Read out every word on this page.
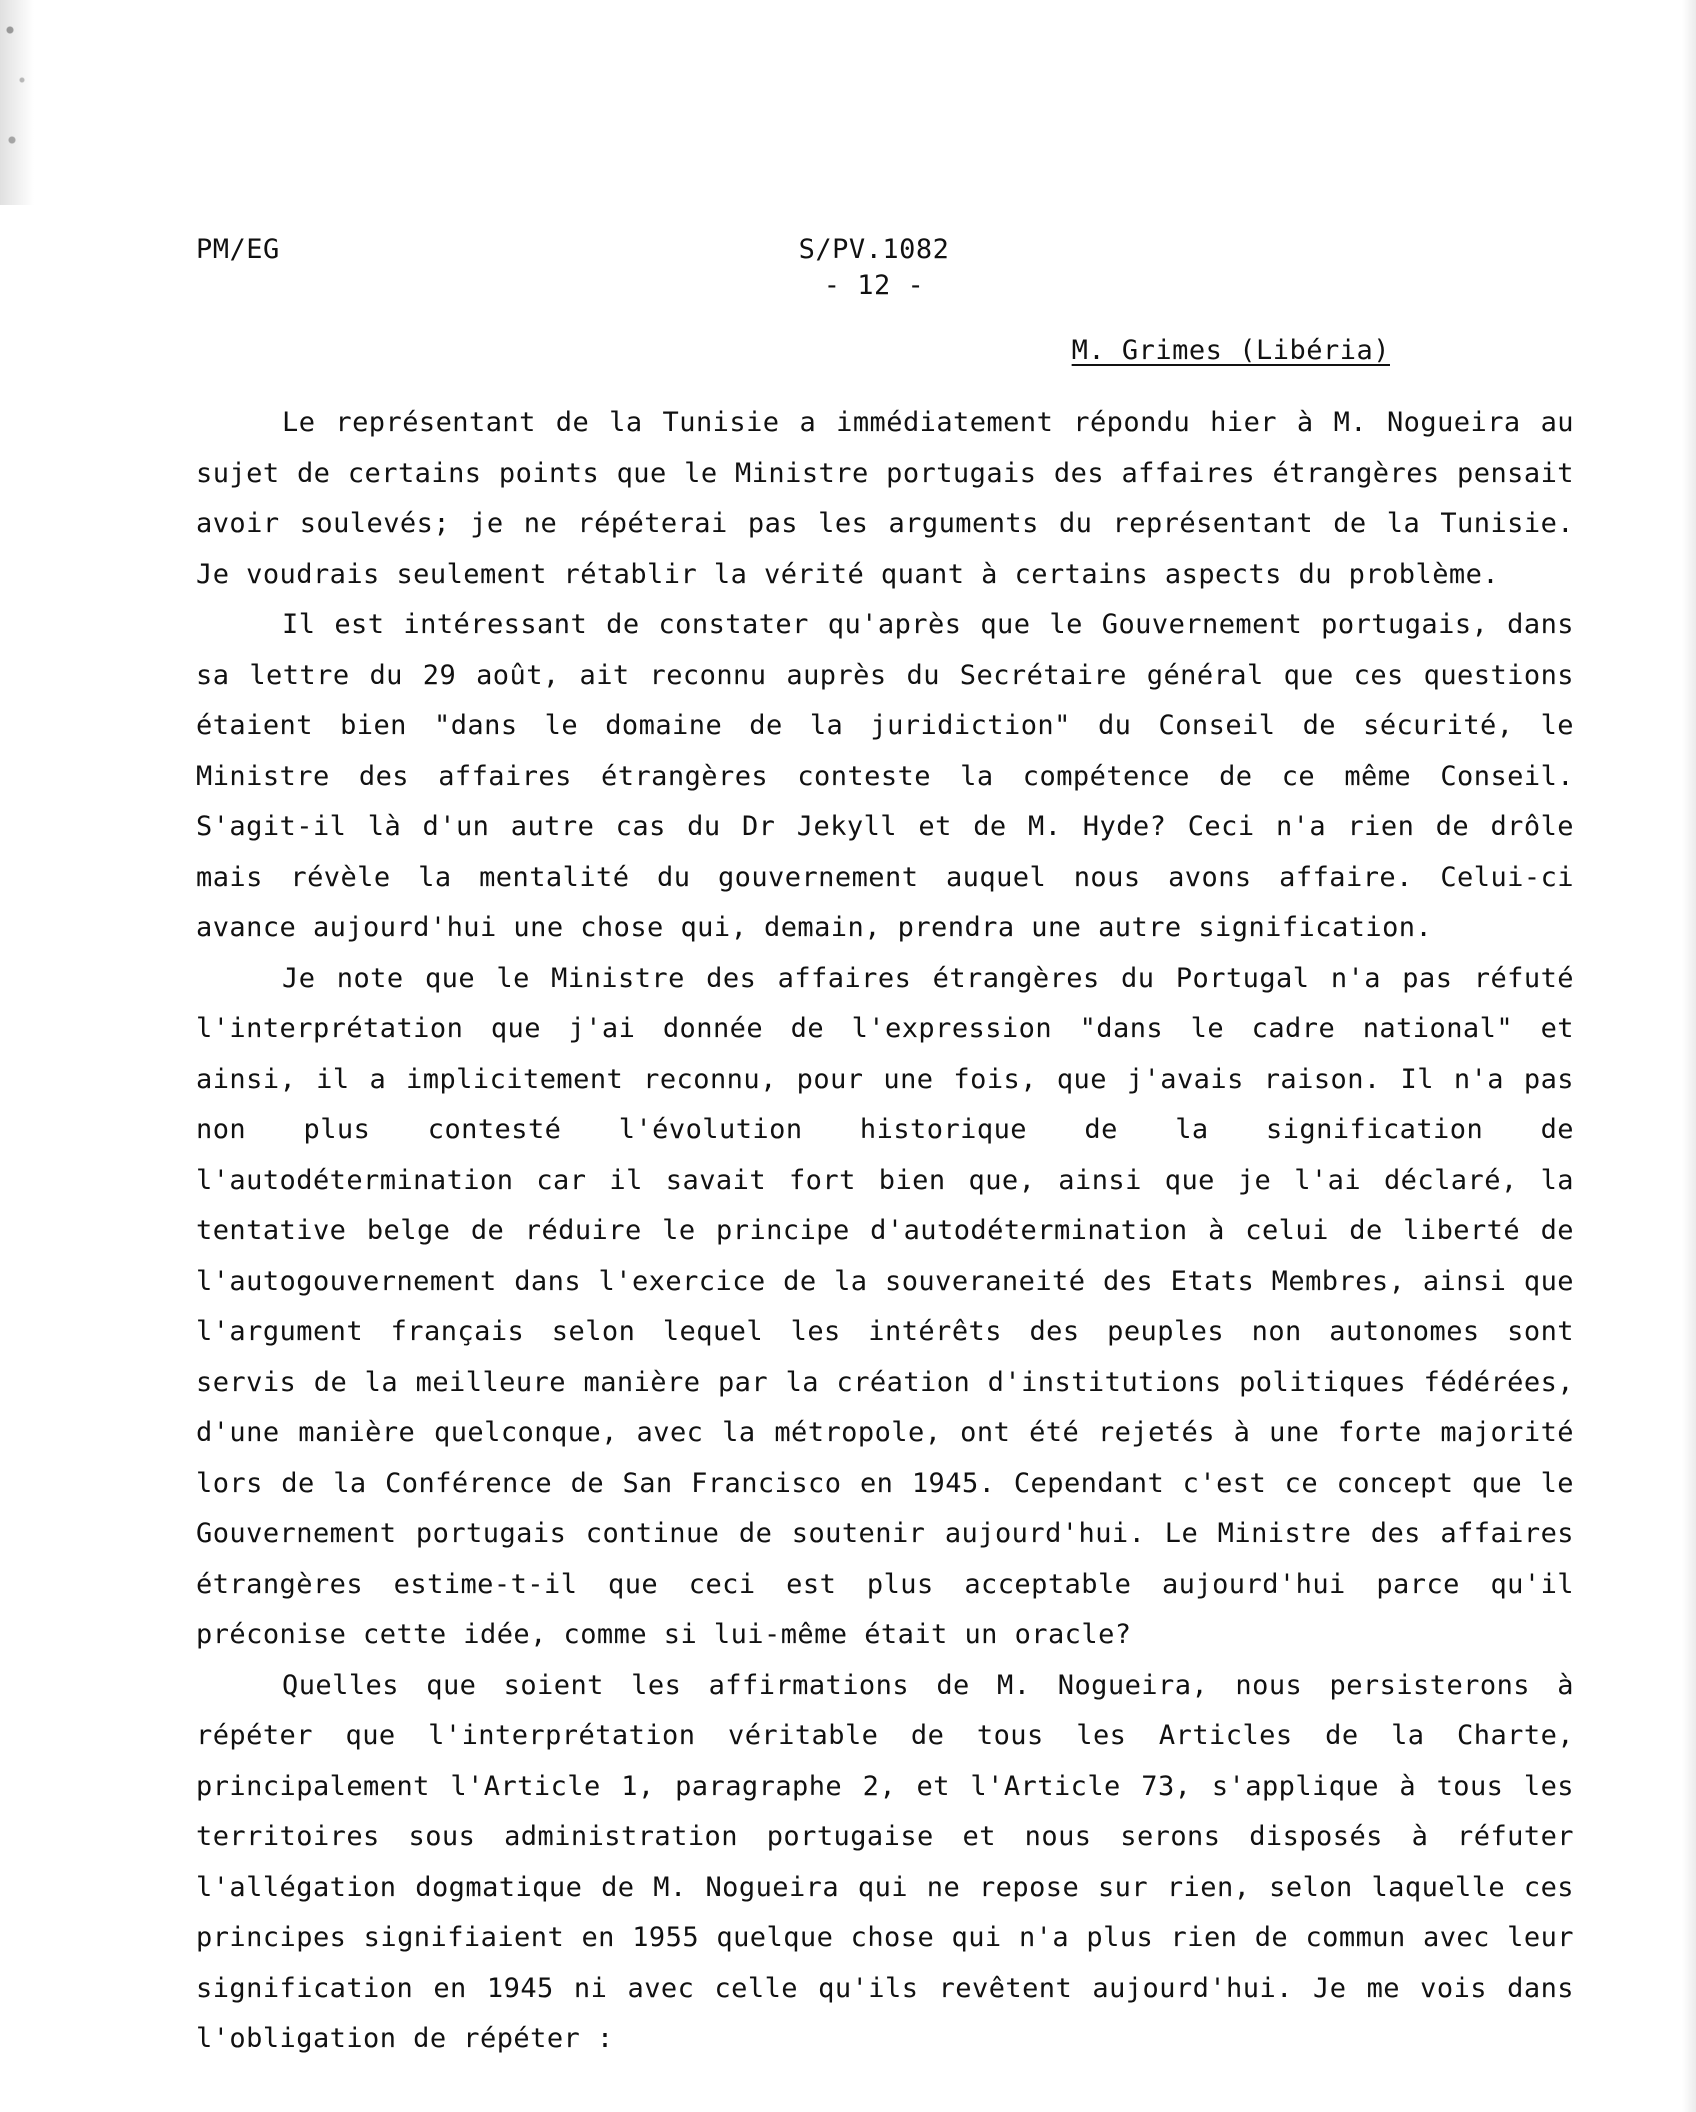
PM/EG	S/PV.1082
- 12 -
M. Grimes (Libéria)

Le représentant de la Tunisie a immédiatement répondu hier à M. Nogueira au sujet de certains points que le Ministre portugais des affaires étrangères pensait avoir soulevés; je ne répéterai pas les arguments du représentant de la Tunisie. Je voudrais seulement rétablir la vérité quant à certains aspects du problème.

Il est intéressant de constater qu'après que le Gouvernement portugais, dans sa lettre du 29 août, ait reconnu auprès du Secrétaire général que ces questions étaient bien "dans le domaine de la juridiction" du Conseil de sécurité, le Ministre des affaires étrangères conteste la compétence de ce même Conseil. S'agit-il là d'un autre cas du Dr Jekyll et de M. Hyde? Ceci n'a rien de drôle mais révèle la mentalité du gouvernement auquel nous avons affaire. Celui-ci avance aujourd'hui une chose qui, demain, prendra une autre signification.

Je note que le Ministre des affaires étrangères du Portugal n'a pas réfuté l'interprétation que j'ai donnée de l'expression "dans le cadre national" et ainsi, il a implicitement reconnu, pour une fois, que j'avais raison. Il n'a pas non plus contesté l'évolution historique de la signification de l'autodétermination car il savait fort bien que, ainsi que je l'ai déclaré, la tentative belge de réduire le principe d'autodétermination à celui de liberté de l'autogouvernement dans l'exercice de la souveraneité des Etats Membres, ainsi que l'argument français selon lequel les intérêts des peuples non autonomes sont servis de la meilleure manière par la création d'institutions politiques fédérées, d'une manière quelconque, avec la métropole, ont été rejetés à une forte majorité lors de la Conférence de San Francisco en 1945. Cependant c'est ce concept que le Gouvernement portugais continue de soutenir aujourd'hui. Le Ministre des affaires étrangères estime-t-il que ceci est plus acceptable aujourd'hui parce qu'il préconise cette idée, comme si lui-même était un oracle?

Quelles que soient les affirmations de M. Nogueira, nous persisterons à répéter que l'interprétation véritable de tous les Articles de la Charte, principalement l'Article 1, paragraphe 2, et l'Article 73, s'applique à tous les territoires sous administration portugaise et nous serons disposés à réfuter l'allégation dogmatique de M. Nogueira qui ne repose sur rien, selon laquelle ces principes signifiaient en 1955 quelque chose qui n'a plus rien de commun avec leur signification en 1945 ni avec celle qu'ils revêtent aujourd'hui. Je me vois dans l'obligation de répéter :
